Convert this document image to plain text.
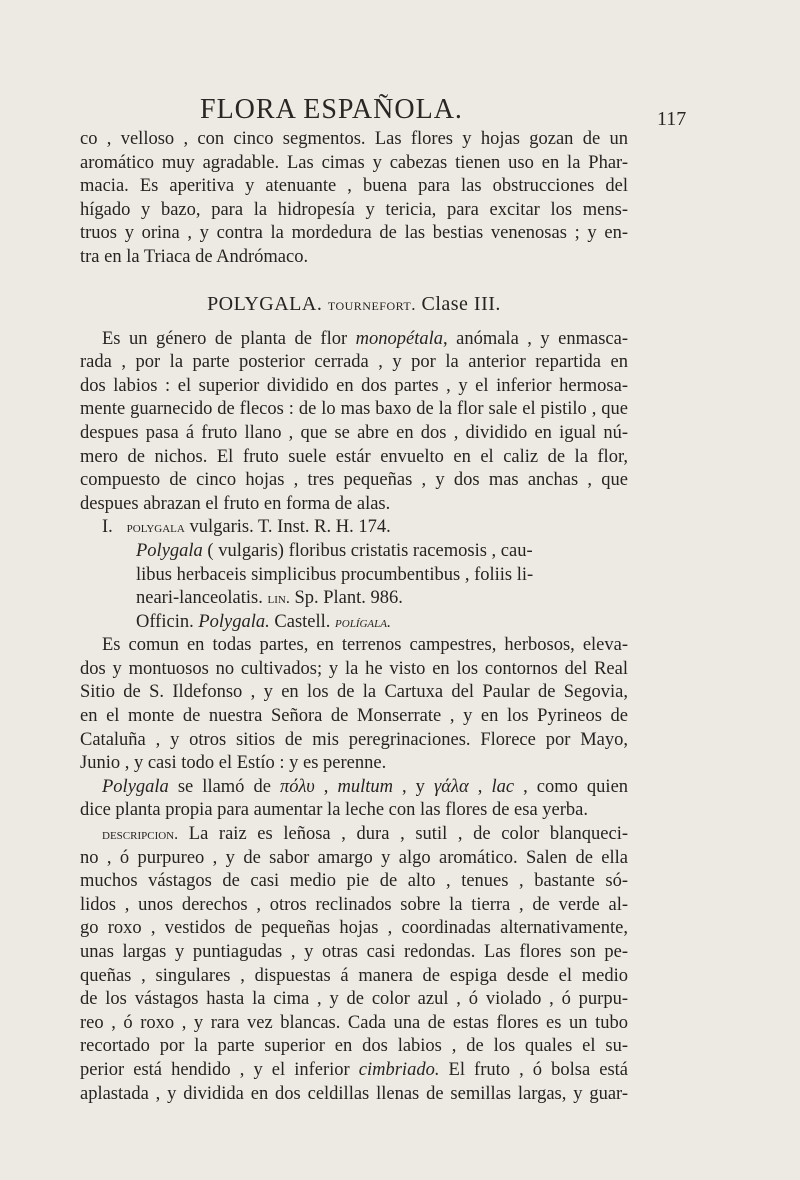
FLORA ESPAÑOLA.	117
co , velloso , con cinco segmentos. Las flores y hojas gozan de un
aromático muy agradable. Las cimas y cabezas tienen uso en la Phar-
macia. Es aperitiva y atenuante , buena para las obstrucciones del
hígado y bazo, para la hidropesía y tericia, para excitar los mens-
truos y orina , y contra la mordedura de las bestias venenosas ; y en-
tra en la Triaca de Andrómaco.
POLYGALA. tournefort. Clase III.
Es un género de planta de flor monopétala, anómala , y enmasca-
rada , por la parte posterior cerrada , y por la anterior repartida en
dos labios : el superior dividido en dos partes , y el inferior hermosa-
mente guarnecido de flecos : de lo mas baxo de la flor sale el pistilo , que
despues pasa á fruto llano , que se abre en dos , dividido en igual nú-
mero de nichos. El fruto suele estár envuelto en el caliz de la flor,
compuesto de cinco hojas , tres pequeñas , y dos mas anchas , que
despues abrazan el fruto en forma de alas.
I. polygala vulgaris. T. Inst. R. H. 174.
Polygala ( vulgaris) floribus cristatis racemosis , cau-
libus herbaceis simplicibus procumbentibus , foliis li-
neari-lanceolatis. lin. Sp. Plant. 986.
Officin. Polygala. Castell. polígala.
Es comun en todas partes, en terrenos campestres, herbosos, eleva-
dos y montuosos no cultivados; y la he visto en los contornos del Real
Sitio de S. Ildefonso , y en los de la Cartuxa del Paular de Segovia,
en el monte de nuestra Señora de Monserrate , y en los Pyrineos de
Cataluña , y otros sitios de mis peregrinaciones. Florece por Mayo,
Junio , y casi todo el Estío : y es perenne.
Polygala se llamó de πόλυ , multum , y γάλα , lac , como quien
dice planta propia para aumentar la leche con las flores de esa yerba.
descripcion. La raiz es leñosa , dura , sutil , de color blanqueci-
no , ó purpureo , y de sabor amargo y algo aromático. Salen de ella
muchos vástagos de casi medio pie de alto , tenues , bastante só-
lidos , unos derechos , otros reclinados sobre la tierra , de verde al-
go roxo , vestidos de pequeñas hojas , coordinadas alternativamente,
unas largas y puntiagudas , y otras casi redondas. Las flores son pe-
queñas , singulares , dispuestas á manera de espiga desde el medio
de los vástagos hasta la cima , y de color azul , ó violado , ó purpu-
reo , ó roxo , y rara vez blancas. Cada una de estas flores es un tubo
recortado por la parte superior en dos labios , de los quales el su-
perior está hendido , y el inferior cimbriado. El fruto , ó bolsa está
aplastada , y dividida en dos celdillas llenas de semillas largas, y guar-
